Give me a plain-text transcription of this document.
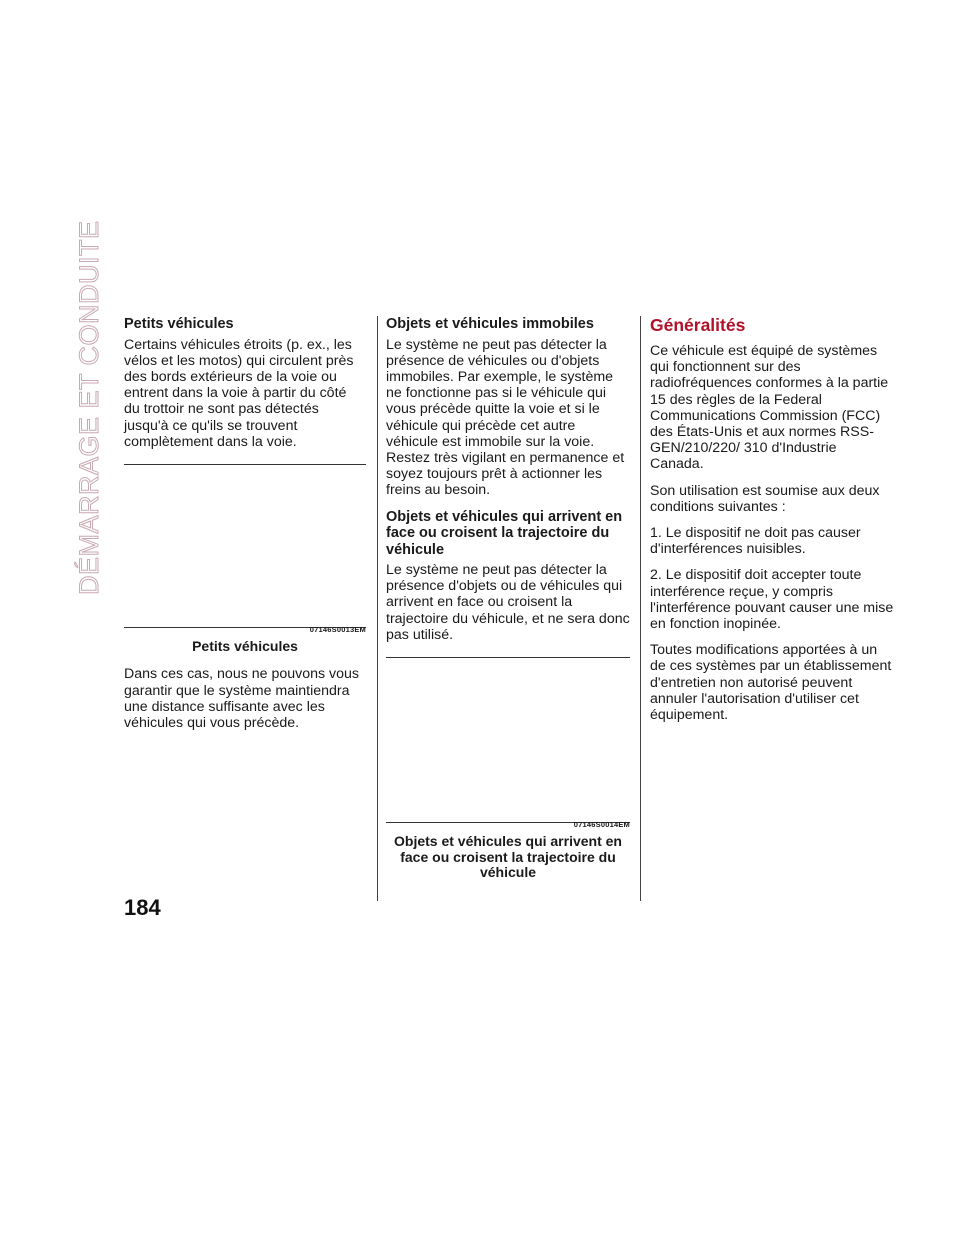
DÉMARRAGE ET CONDUITE
184
Petits véhicules

Certains véhicules étroits (p. ex., les vélos et les motos) qui circulent près des bords extérieurs de la voie ou entrent dans la voie à partir du côté du trottoir ne sont pas détectés jusqu'à ce qu'ils se trouvent complètement dans la voie.

07146S0013EM
Petits véhicules

Dans ces cas, nous ne pouvons vous garantir que le système maintiendra une distance suffisante avec les véhicules qui vous précède.

Objets et véhicules immobiles

Le système ne peut pas détecter la présence de véhicules ou d'objets immobiles. Par exemple, le système ne fonctionne pas si le véhicule qui vous précède quitte la voie et si le véhicule qui précède cet autre véhicule est immobile sur la voie. Restez très vigilant en permanence et soyez toujours prêt à actionner les freins au besoin.

Objets et véhicules qui arrivent en face ou croisent la trajectoire du véhicule

Le système ne peut pas détecter la présence d'objets ou de véhicules qui arrivent en face ou croisent la trajectoire du véhicule, et ne sera donc pas utilisé.

07146S0014EM
Objets et véhicules qui arrivent en face ou croisent la trajectoire du véhicule
Généralités

Ce véhicule est équipé de systèmes qui fonctionnent sur des radiofréquences conformes à la partie 15 des règles de la Federal Communications Commission (FCC) des États-Unis et aux normes RSS-GEN/210/220/ 310 d'Industrie Canada.

Son utilisation est soumise aux deux conditions suivantes :

1. Le dispositif ne doit pas causer d'interférences nuisibles.

2. Le dispositif doit accepter toute interférence reçue, y compris l'interférence pouvant causer une mise en fonction inopinée.

Toutes modifications apportées à un de ces systèmes par un établissement d'entretien non autorisé peuvent annuler l'autorisation d'utiliser cet équipement.
